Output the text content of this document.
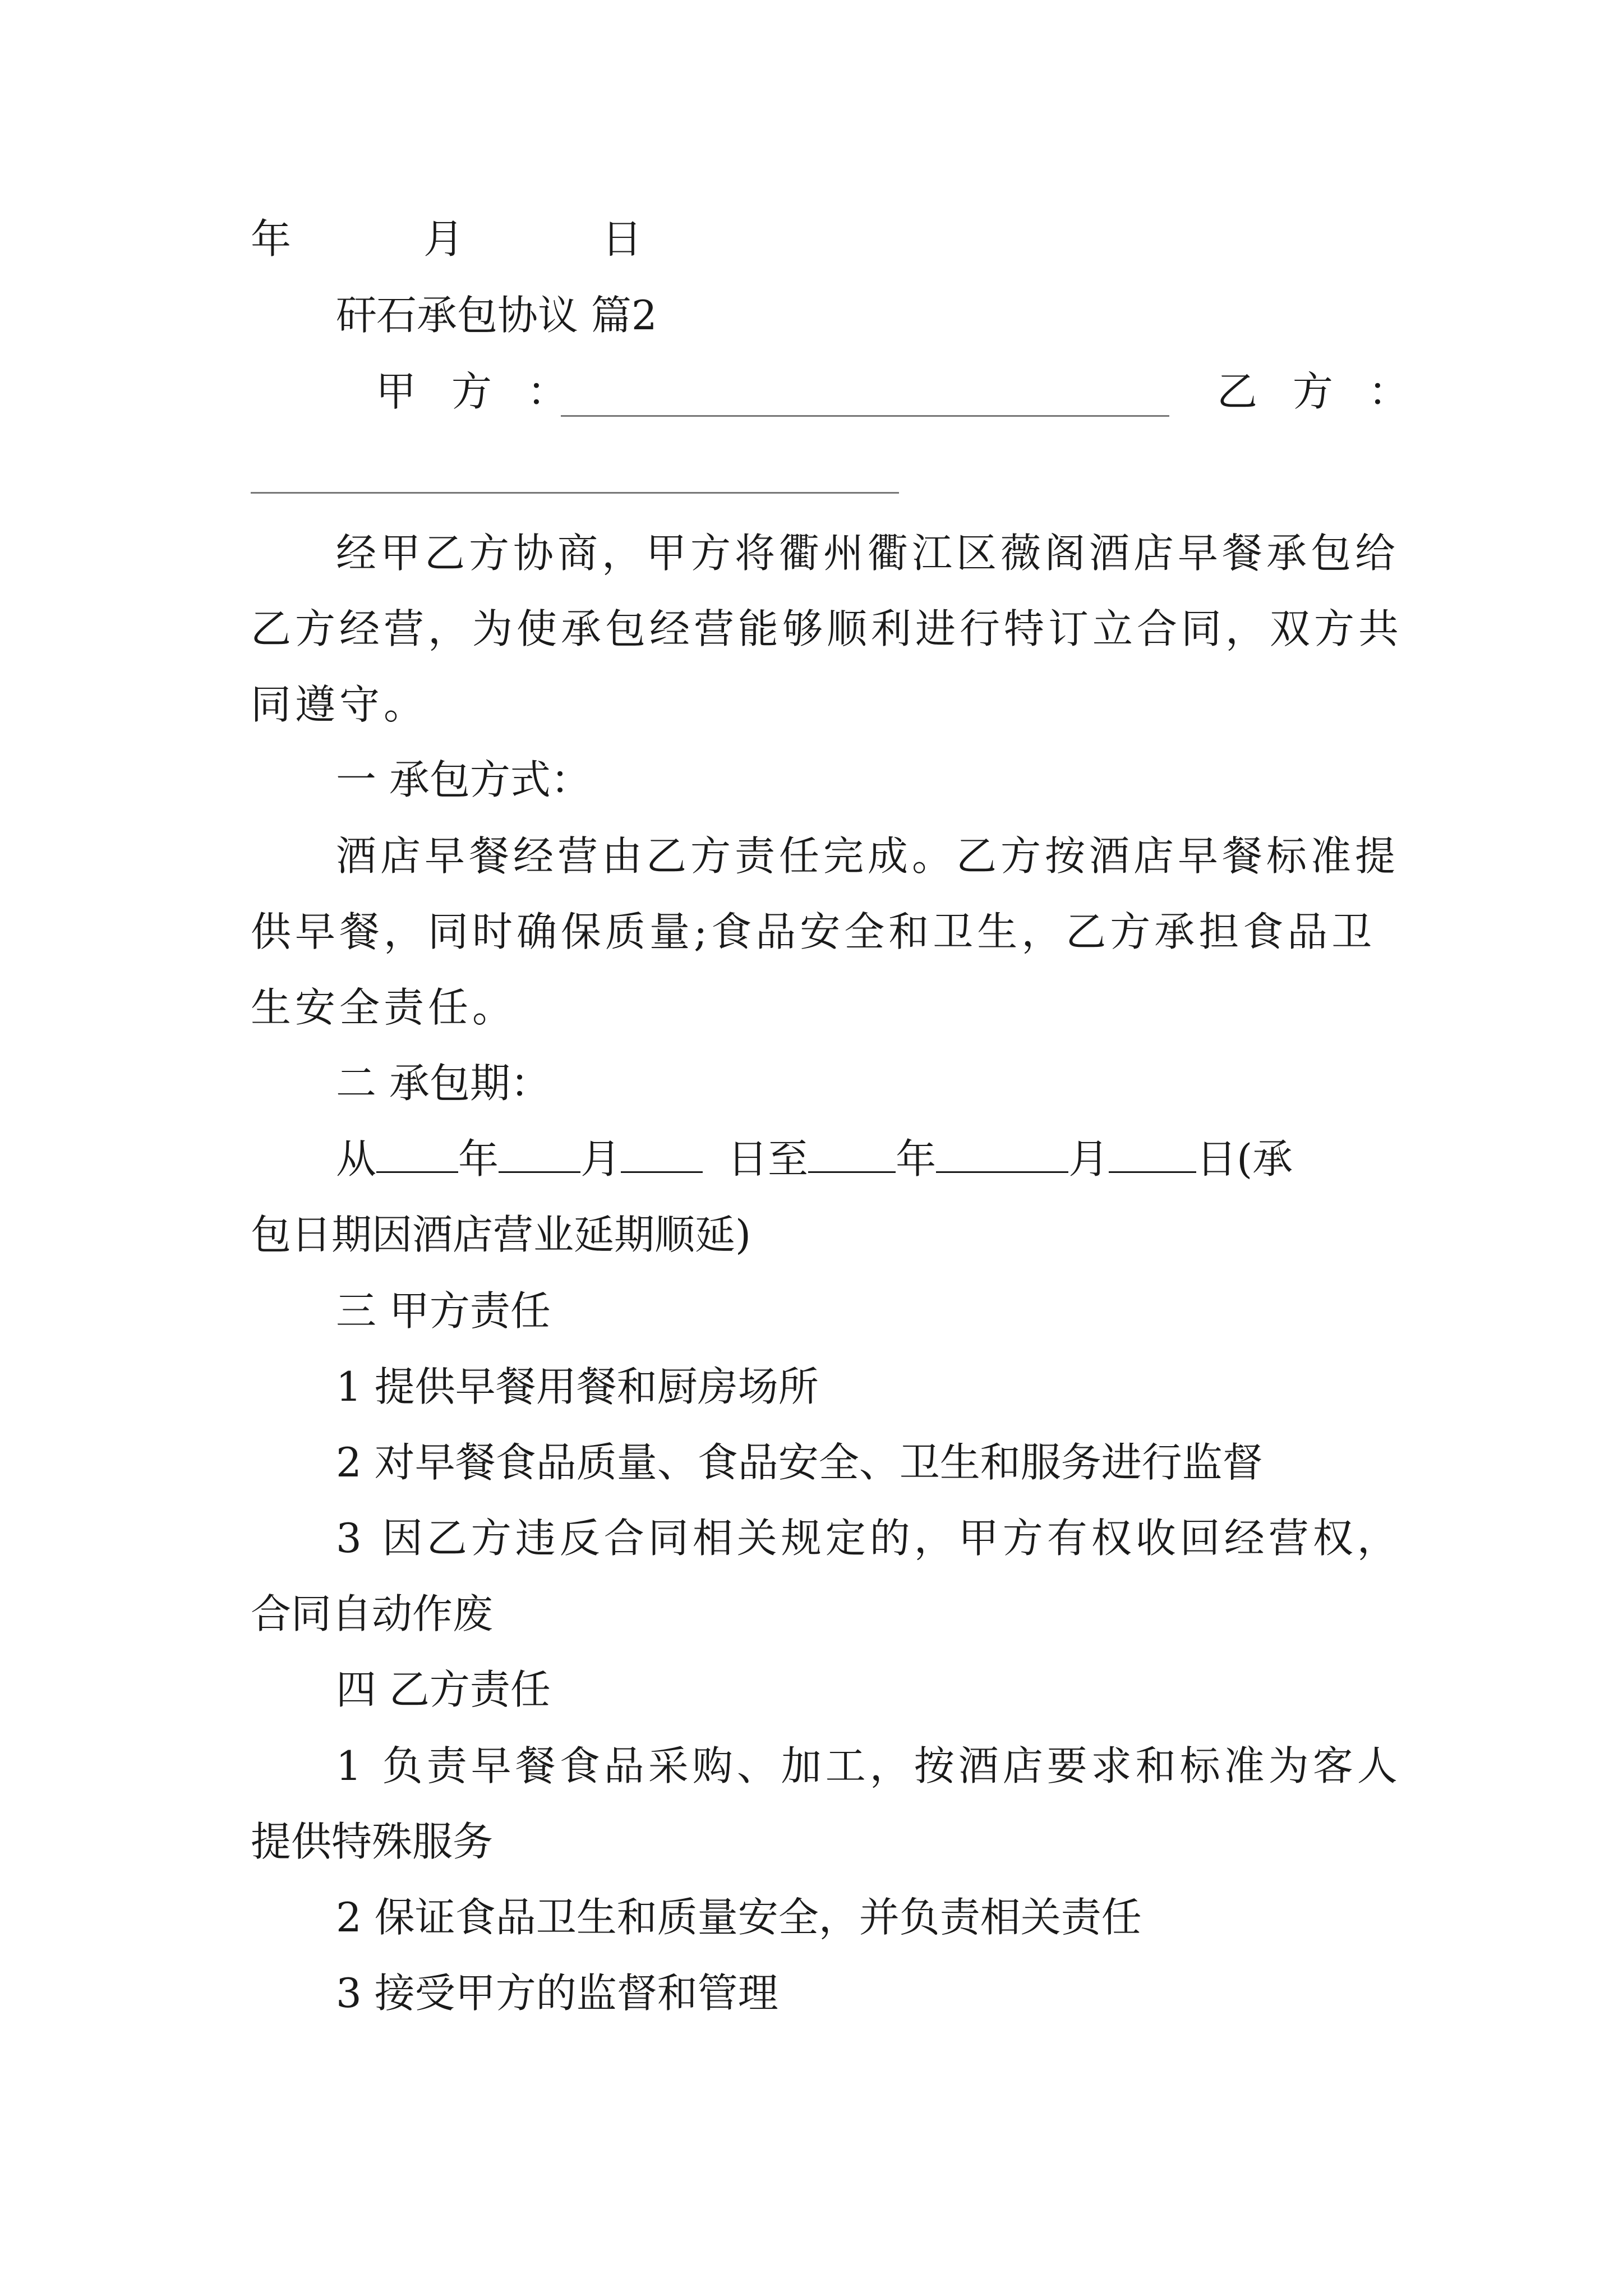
年	月	日
矸石承包协议 篇2
甲 方 ：	乙 方 ：
经甲乙方协商，甲方将衢州衢江区薇阁酒店早餐承包给
乙方经营，为使承包经营能够顺利进行特订立合同，双方共
同遵守。
一 承包方式：
酒店早餐经营由乙方责任完成。乙方按酒店早餐标准提
供早餐，同时确保质量;食品安全和卫生，乙方承担食品卫
生安全责任。
二 承包期：
从 年 月	日至 年	月 日(承
包日期因酒店营业延期顺延)
三 甲方责任
1 提供早餐用餐和厨房场所
2 对早餐食品质量、食品安全、卫生和服务进行监督
3 因乙方违反合同相关规定的，甲方有权收回经营权，
合同自动作废
四 乙方责任
1 负责早餐食品采购、加工，按酒店要求和标准为客人
提供特殊服务
2 保证食品卫生和质量安全，并负责相关责任
3 接受甲方的监督和管理
